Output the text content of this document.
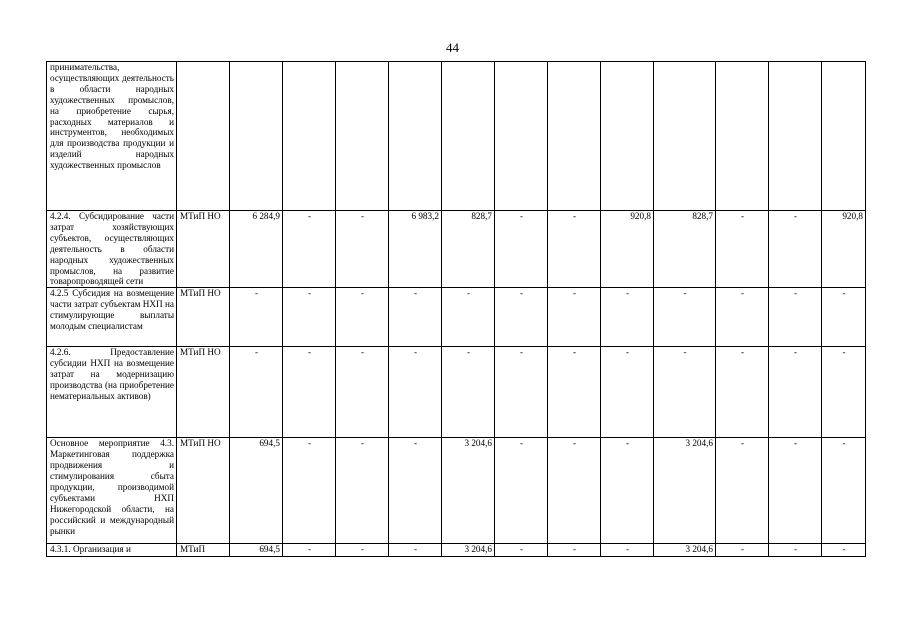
44
принимательства, осуществляющих деятельность в области народных художественных промыслов, на приобретение сырья, расходных материалов и инструментов, необходимых для производства продукции и изделий народных художественных промыслов													
4.2.4. Субсидирование части затрат хозяйствующих субъектов, осуществляющих деятельность в области народных художественных промыслов, на развитие товаропроводящей сети	МТиП НО	6 284,9	-	-	6 983,2	828,7	-	-	920,8	828,7	-	-	920,8
4.2.5 Субсидия на возмещение части затрат субъектам НХП на стимулирующие выплаты молодым специалистам	МТиП НО	-	-	-	-	-	-	-	-	-	-	-	-
4.2.6. Предоставление субсидии НХП на возмещение затрат на модернизацию производства (на приобретение нематериальных активов)	МТиП НО	-	-	-	-	-	-	-	-	-	-	-	-
Основное мероприятие 4.3. Маркетинговая поддержка продвижения и стимулирования сбыта продукции, производимой субъектами НХП Нижегородской области, на российский и международный рынки	МТиП НО	694,5	-	-	-	3 204,6	-	-	-	3 204,6	-	-	-
4.3.1. Организация и	МТиП	694,5	-	-	-	3 204,6	-	-	-	3 204,6	-	-	-
